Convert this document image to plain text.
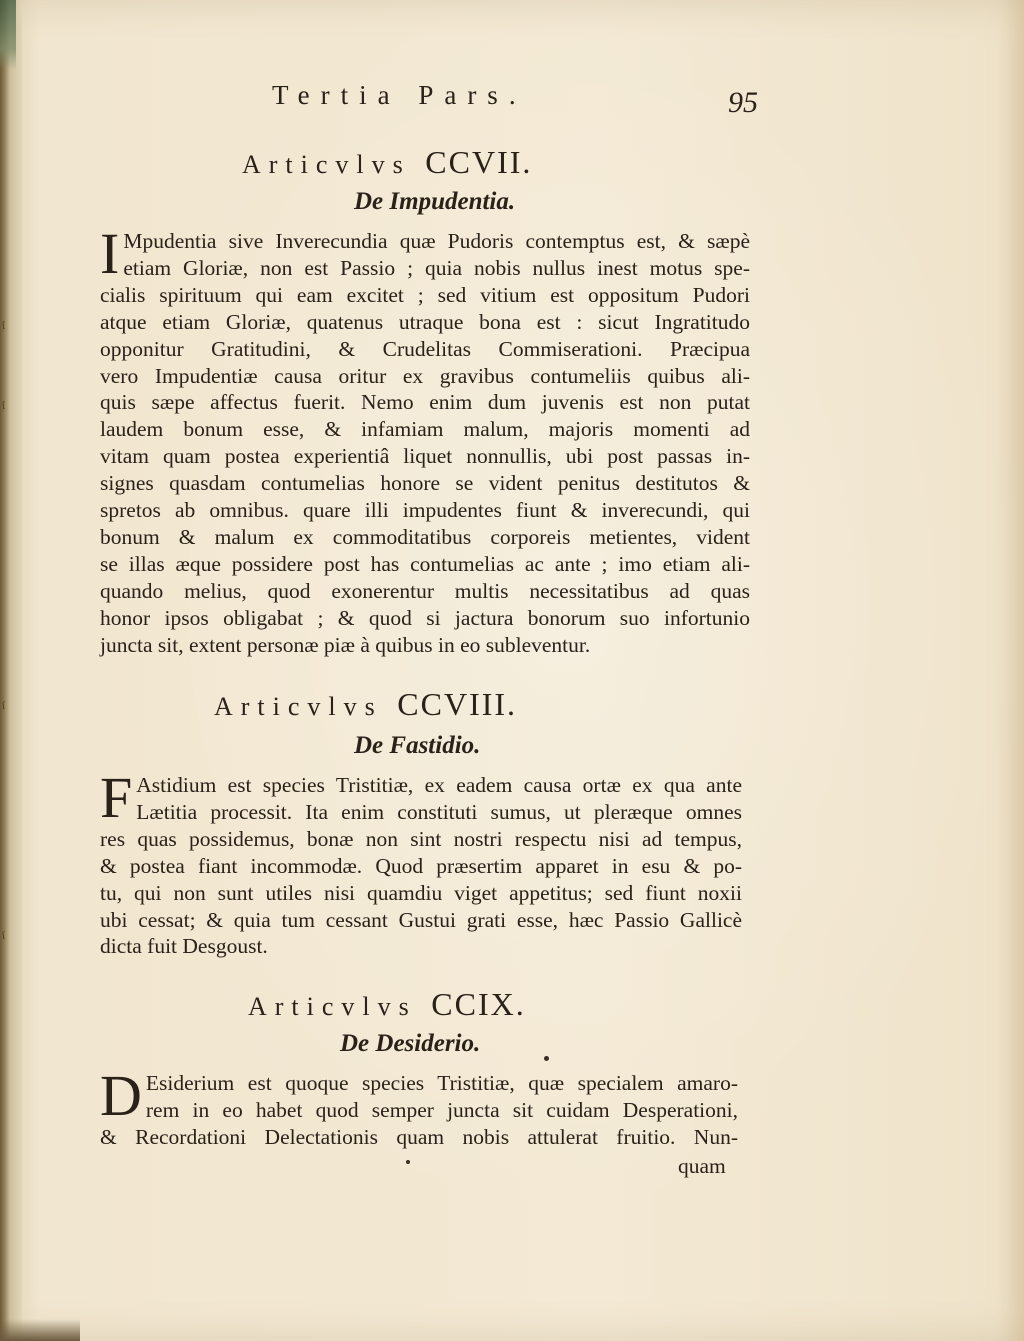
ſ
ſ
ſ
ſ
Tertia Pars.	95
Articvlvs CCVII.
De Impudentia.
I Mpudentia sive Inverecundia quæ Pudoris contemptus est, & sæpè
etiam Gloriæ, non est Passio ; quia nobis nullus inest motus spe-
cialis spirituum qui eam excitet ; sed vitium est oppositum Pudori
atque etiam Gloriæ, quatenus utraque bona est : sicut Ingratitudo
opponitur Gratitudini, & Crudelitas Commiserationi. Præcipua
vero Impudentiæ causa oritur ex gravibus contumeliis quibus ali-
quis sæpe affectus fuerit. Nemo enim dum juvenis est non putat
laudem bonum esse, & infamiam malum, majoris momenti ad
vitam quam postea experientiâ liquet nonnullis, ubi post passas in-
signes quasdam contumelias honore se vident penitus destitutos &
spretos ab omnibus. quare illi impudentes fiunt & inverecundi, qui
bonum & malum ex commoditatibus corporeis metientes, vident
se illas æque possidere post has contumelias ac ante ; imo etiam ali-
quando melius, quod exonerentur multis necessitatibus ad quas
honor ipsos obligabat ; & quod si jactura bonorum suo infortunio
juncta sit, extent personæ piæ à quibus in eo subleventur.
Articvlvs CCVIII.
De Fastidio.
F Astidium est species Tristitiæ, ex eadem causa ortæ ex qua ante
Lætitia processit. Ita enim constituti sumus, ut pleræque omnes
res quas possidemus, bonæ non sint nostri respectu nisi ad tempus,
& postea fiant incommodæ. Quod præsertim apparet in esu & po-
tu, qui non sunt utiles nisi quamdiu viget appetitus; sed fiunt noxii
ubi cessat; & quia tum cessant Gustui grati esse, hæc Passio Gallicè
dicta fuit Desgoust.
Articvlvs CCIX.
De Desiderio.
D Esiderium est quoque species Tristitiæ, quæ specialem amaro-
rem in eo habet quod semper juncta sit cuidam Desperationi,
& Recordationi Delectationis quam nobis attulerat fruitio. Nun-
quam
